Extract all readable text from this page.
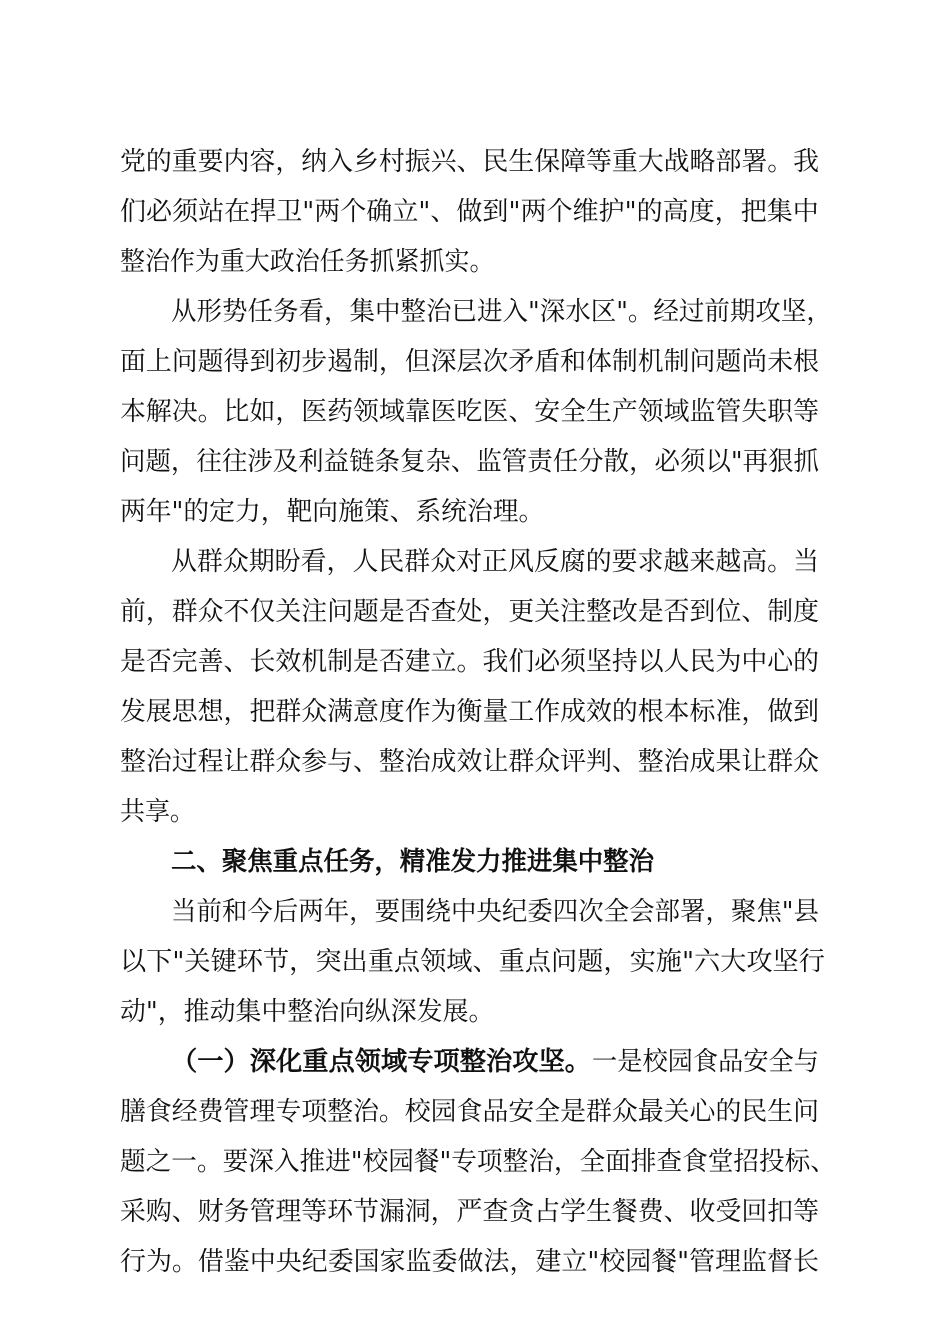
党的重要内容，纳入乡村振兴、民生保障等重大战略部署。我

们必须站在捍卫"两个确立"、做到"两个维护"的高度，把集中

整治作为重大政治任务抓紧抓实。

从形势任务看，集中整治已进入"深水区"。经过前期攻坚，

面上问题得到初步遏制，但深层次矛盾和体制机制问题尚未根

本解决。比如，医药领域靠医吃医、安全生产领域监管失职等

问题，往往涉及利益链条复杂、监管责任分散，必须以"再狠抓

两年"的定力，靶向施策、系统治理。

从群众期盼看，人民群众对正风反腐的要求越来越高。当

前，群众不仅关注问题是否查处，更关注整改是否到位、制度

是否完善、长效机制是否建立。我们必须坚持以人民为中心的

发展思想，把群众满意度作为衡量工作成效的根本标准，做到

整治过程让群众参与、整治成效让群众评判、整治成果让群众

共享。

二、聚焦重点任务，精准发力推进集中整治

当前和今后两年，要围绕中央纪委四次全会部署，聚焦"县

以下"关键环节，突出重点领域、重点问题，实施"六大攻坚行

动"，推动集中整治向纵深发展。

（一）深化重点领域专项整治攻坚。 一是校园食品安全与

膳食经费管理专项整治。校园食品安全是群众最关心的民生问

题之一。要深入推进"校园餐"专项整治，全面排查食堂招投标、

采购、财务管理等环节漏洞，严查贪占学生餐费、收受回扣等

行为。借鉴中央纪委国家监委做法，建立"校园餐"管理监督长
